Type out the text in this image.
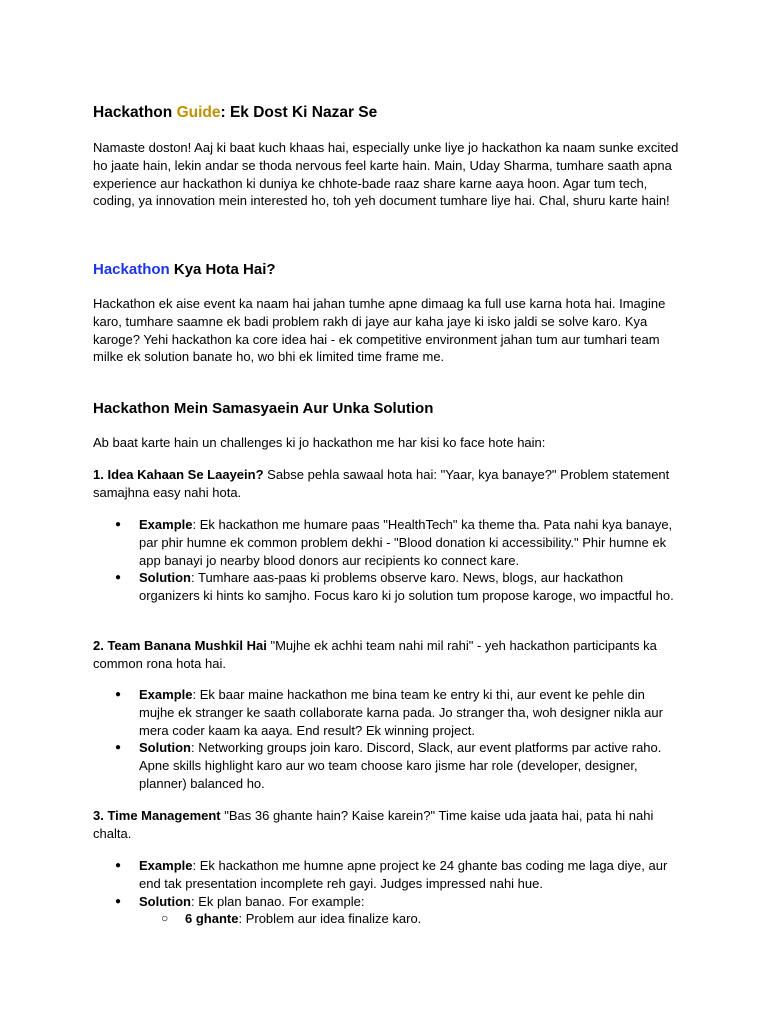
Hackathon Guide: Ek Dost Ki Nazar Se

Namaste doston! Aaj ki baat kuch khaas hai, especially unke liye jo hackathon ka naam sunke excited ho jaate hain, lekin andar se thoda nervous feel karte hain. Main, Uday Sharma, tumhare saath apna experience aur hackathon ki duniya ke chhote-bade raaz share karne aaya hoon. Agar tum tech, coding, ya innovation mein interested ho, toh yeh document tumhare liye hai. Chal, shuru karte hain!

Hackathon Kya Hota Hai?

Hackathon ek aise event ka naam hai jahan tumhe apne dimaag ka full use karna hota hai. Imagine karo, tumhare saamne ek badi problem rakh di jaye aur kaha jaye ki isko jaldi se solve karo. Kya karoge? Yehi hackathon ka core idea hai - ek competitive environment jahan tum aur tumhari team milke ek solution banate ho, wo bhi ek limited time frame me.

Hackathon Mein Samasyaein Aur Unka Solution

Ab baat karte hain un challenges ki jo hackathon me har kisi ko face hote hain:

1. Idea Kahaan Se Laayein? Sabse pehla sawaal hota hai: "Yaar, kya banaye?" Problem statement samajhna easy nahi hota.

● Example: Ek hackathon me humare paas "HealthTech" ka theme tha. Pata nahi kya banaye, par phir humne ek common problem dekhi - "Blood donation ki accessibility." Phir humne ek app banayi jo nearby blood donors aur recipients ko connect kare.
● Solution: Tumhare aas-paas ki problems observe karo. News, blogs, aur hackathon organizers ki hints ko samjho. Focus karo ki jo solution tum propose karoge, wo impactful ho.

2. Team Banana Mushkil Hai "Mujhe ek achhi team nahi mil rahi" - yeh hackathon participants ka common rona hota hai.

● Example: Ek baar maine hackathon me bina team ke entry ki thi, aur event ke pehle din mujhe ek stranger ke saath collaborate karna pada. Jo stranger tha, woh designer nikla aur mera coder kaam ka aaya. End result? Ek winning project.
● Solution: Networking groups join karo. Discord, Slack, aur event platforms par active raho. Apne skills highlight karo aur wo team choose karo jisme har role (developer, designer, planner) balanced ho.

3. Time Management "Bas 36 ghante hain? Kaise karein?" Time kaise uda jaata hai, pata hi nahi chalta.

● Example: Ek hackathon me humne apne project ke 24 ghante bas coding me laga diye, aur end tak presentation incomplete reh gayi. Judges impressed nahi hue.
● Solution: Ek plan banao. For example:
○ 6 ghante: Problem aur idea finalize karo.
